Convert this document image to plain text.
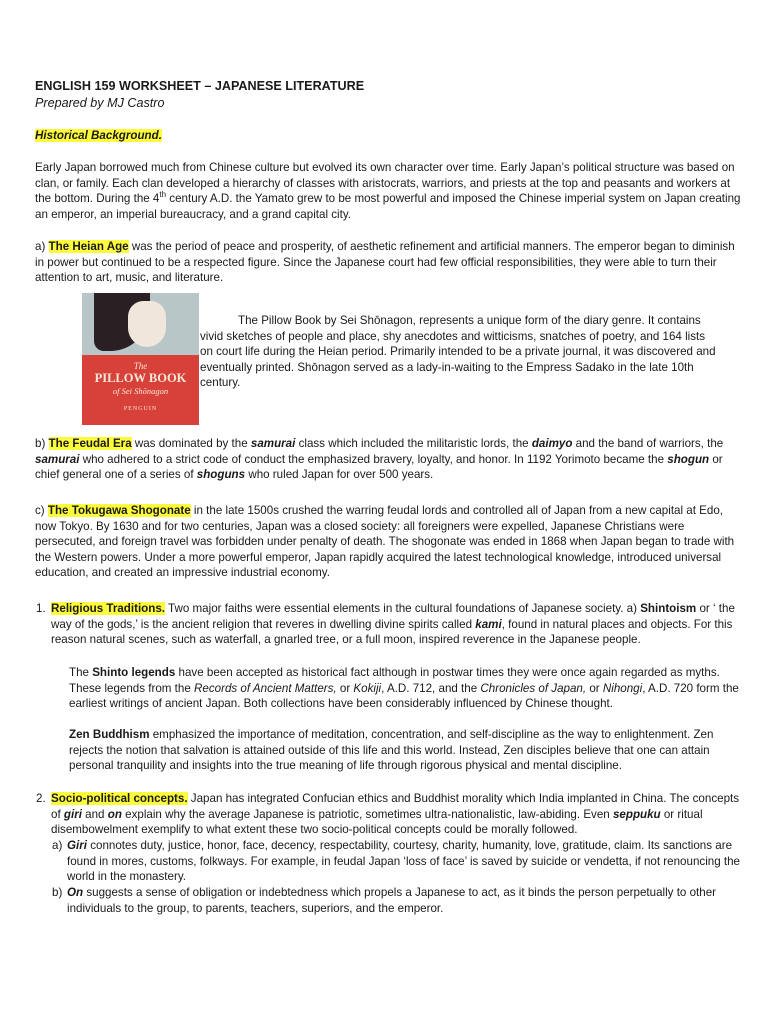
ENGLISH 159 WORKSHEET – JAPANESE LITERATURE
Prepared by MJ Castro
Historical Background.
Early Japan borrowed much from Chinese culture but evolved its own character over time. Early Japan’s political structure was based on clan, or family. Each clan developed a hierarchy of classes with aristocrats, warriors, and priests at the top and peasants and workers at the bottom. During the 4th century A.D. the Yamato grew to be most powerful and imposed the Chinese imperial system on Japan creating an emperor, an imperial bureaucracy, and a grand capital city.
a) The Heian Age was the period of peace and prosperity, of aesthetic refinement and artificial manners. The emperor began to diminish in power but continued to be a respected figure. Since the Japanese court had few official responsibilities, they were able to turn their attention to art, music, and literature.
The
PILLOW BOOK
of Sei Shōnagon
PENGUIN
The Pillow Book by Sei Shōnagon, represents a unique form of the diary genre. It contains vivid sketches of people and place, shy anecdotes and witticisms, snatches of poetry, and 164 lists on court life during the Heian period. Primarily intended to be a private journal, it was discovered and eventually printed. Shōnagon served as a lady-in-waiting to the Empress Sadako in the late 10th century.
b) The Feudal Era was dominated by the samurai class which included the militaristic lords, the daimyo and the band of warriors, the samurai who adhered to a strict code of conduct the emphasized bravery, loyalty, and honor. In 1192 Yorimoto became the shogun or chief general one of a series of shoguns who ruled Japan for over 500 years.
c) The Tokugawa Shogonate in the late 1500s crushed the warring feudal lords and controlled all of Japan from a new capital at Edo, now Tokyo. By 1630 and for two centuries, Japan was a closed society: all foreigners were expelled, Japanese Christians were persecuted, and foreign travel was forbidden under penalty of death. The shogonate was ended in 1868 when Japan began to trade with the Western powers. Under a more powerful emperor, Japan rapidly acquired the latest technological knowledge, introduced universal education, and created an impressive industrial economy.
1. Religious Traditions. Two major faiths were essential elements in the cultural foundations of Japanese society. a) Shintoism or ‘ the way of the gods,’ is the ancient religion that reveres in dwelling divine spirits called kami, found in natural places and objects. For this reason natural scenes, such as waterfall, a gnarled tree, or a full moon, inspired reverence in the Japanese people.
The Shinto legends have been accepted as historical fact although in postwar times they were once again regarded as myths. These legends from the Records of Ancient Matters, or Kokiji, A.D. 712, and the Chronicles of Japan, or Nihongi, A.D. 720 form the earliest writings of ancient Japan. Both collections have been considerably influenced by Chinese thought.
Zen Buddhism emphasized the importance of meditation, concentration, and self-discipline as the way to enlightenment. Zen rejects the notion that salvation is attained outside of this life and this world. Instead, Zen disciples believe that one can attain personal tranquility and insights into the true meaning of life through rigorous physical and mental discipline.
2. Socio-political concepts. Japan has integrated Confucian ethics and Buddhist morality which India implanted in China. The concepts of giri and on explain why the average Japanese is patriotic, sometimes ultra-nationalistic, law-abiding. Even seppuku or ritual disembowelment exemplify to what extent these two socio-political concepts could be morally followed.
a) Giri connotes duty, justice, honor, face, decency, respectability, courtesy, charity, humanity, love, gratitude, claim. Its sanctions are found in mores, customs, folkways. For example, in feudal Japan ‘loss of face’ is saved by suicide or vendetta, if not renouncing the world in the monastery.
b) On suggests a sense of obligation or indebtedness which propels a Japanese to act, as it binds the person perpetually to other individuals to the group, to parents, teachers, superiors, and the emperor.
